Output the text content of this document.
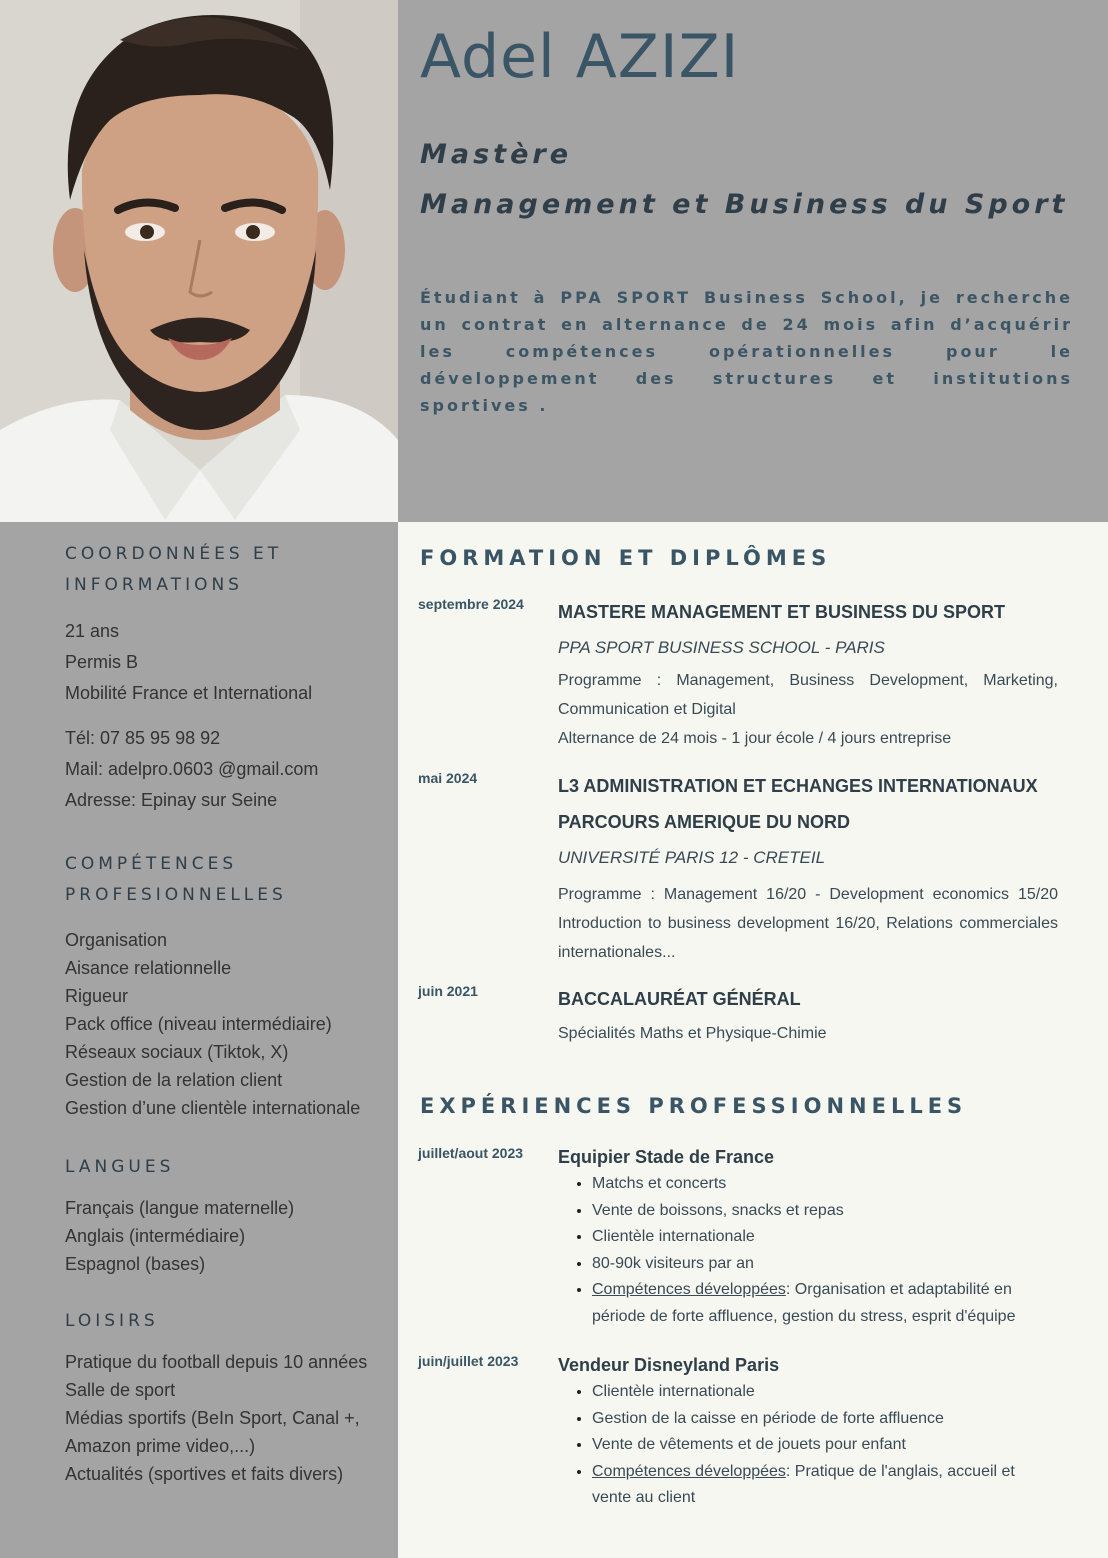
Adel AZIZI
Mastère
Management et Business du Sport

Étudiant à PPA SPORT Business School, je recherche un contrat en alternance de 24 mois afin d’acquérir les compétences opérationnelles pour le développement des structures et institutions sportives .

COORDONNÉES ET
INFORMATIONS
21 ans
Permis B
Mobilité France et International
Tél: 07 85 95 98 92
Mail: adelpro.0603 @gmail.com
Adresse: Epinay sur Seine
COMPÉTENCES
PROFESIONNELLES
Organisation
Aisance relationnelle
Rigueur
Pack office (niveau intermédiaire)
Réseaux sociaux (Tiktok, X)
Gestion de la relation client
Gestion d’une clientèle internationale
LANGUES
Français (langue maternelle)
Anglais (intermédiaire)
Espagnol (bases)
LOISIRS
Pratique du football depuis 10 années
Salle de sport
Médias sportifs (BeIn Sport, Canal +,
Amazon prime video,...)
Actualités (sportives et faits divers)
FORMATION ET DIPLÔMES
septembre 2024	MASTERE MANAGEMENT ET BUSINESS DU SPORT

PPA SPORT BUSINESS SCHOOL - PARIS

Programme : Management, Business Development, Marketing, Communication et Digital

Alternance de 24 mois - 1 jour école / 4 jours entreprise

mai 2024	L3 ADMINISTRATION ET ECHANGES INTERNATIONAUX

PARCOURS AMERIQUE DU NORD

UNIVERSITÉ PARIS 12 - CRETEIL

Programme : Management 16/20 - Development economics 15/20 Introduction to business development 16/20, Relations commerciales internationales...

juin 2021	BACCALAURÉAT GÉNÉRAL

Spécialités Maths et Physique-Chimie

EXPÉRIENCES PROFESSIONNELLES
juillet/aout 2023	Equipier Stade de France

• Matchs et concerts
• Vente de boissons, snacks et repas
• Clientèle internationale
• 80-90k visiteurs par an
• Compétences développées: Organisation et adaptabilité en période de forte affluence, gestion du stress, esprit d'équipe
juin/juillet 2023	Vendeur Disneyland Paris

• Clientèle internationale
• Gestion de la caisse en période de forte affluence
• Vente de vêtements et de jouets pour enfant
• Compétences développées: Pratique de l'anglais, accueil et vente au client
